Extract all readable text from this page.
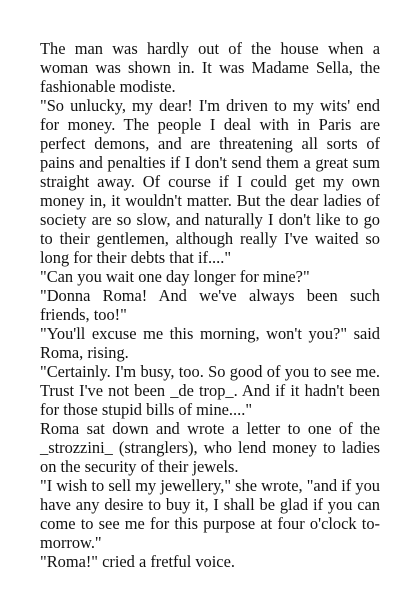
The man was hardly out of the house when a woman was shown in. It was Madame Sella, the fashionable modiste.

"So unlucky, my dear! I'm driven to my wits' end for money. The people I deal with in Paris are perfect demons, and are threatening all sorts of pains and penalties if I don't send them a great sum straight away. Of course if I could get my own money in, it wouldn't matter. But the dear ladies of society are so slow, and naturally I don't like to go to their gentlemen, although really I've waited so long for their debts that if...."

"Can you wait one day longer for mine?"

"Donna Roma! And we've always been such friends, too!"

"You'll excuse me this morning, won't you?" said Roma, rising.

"Certainly. I'm busy, too. So good of you to see me. Trust I've not been _de trop_. And if it hadn't been for those stupid bills of mine...."

Roma sat down and wrote a letter to one of the _strozzini_ (stranglers), who lend money to ladies on the security of their jewels.

"I wish to sell my jewellery," she wrote, "and if you have any desire to buy it, I shall be glad if you can come to see me for this purpose at four o'clock to-morrow."

"Roma!" cried a fretful voice.
